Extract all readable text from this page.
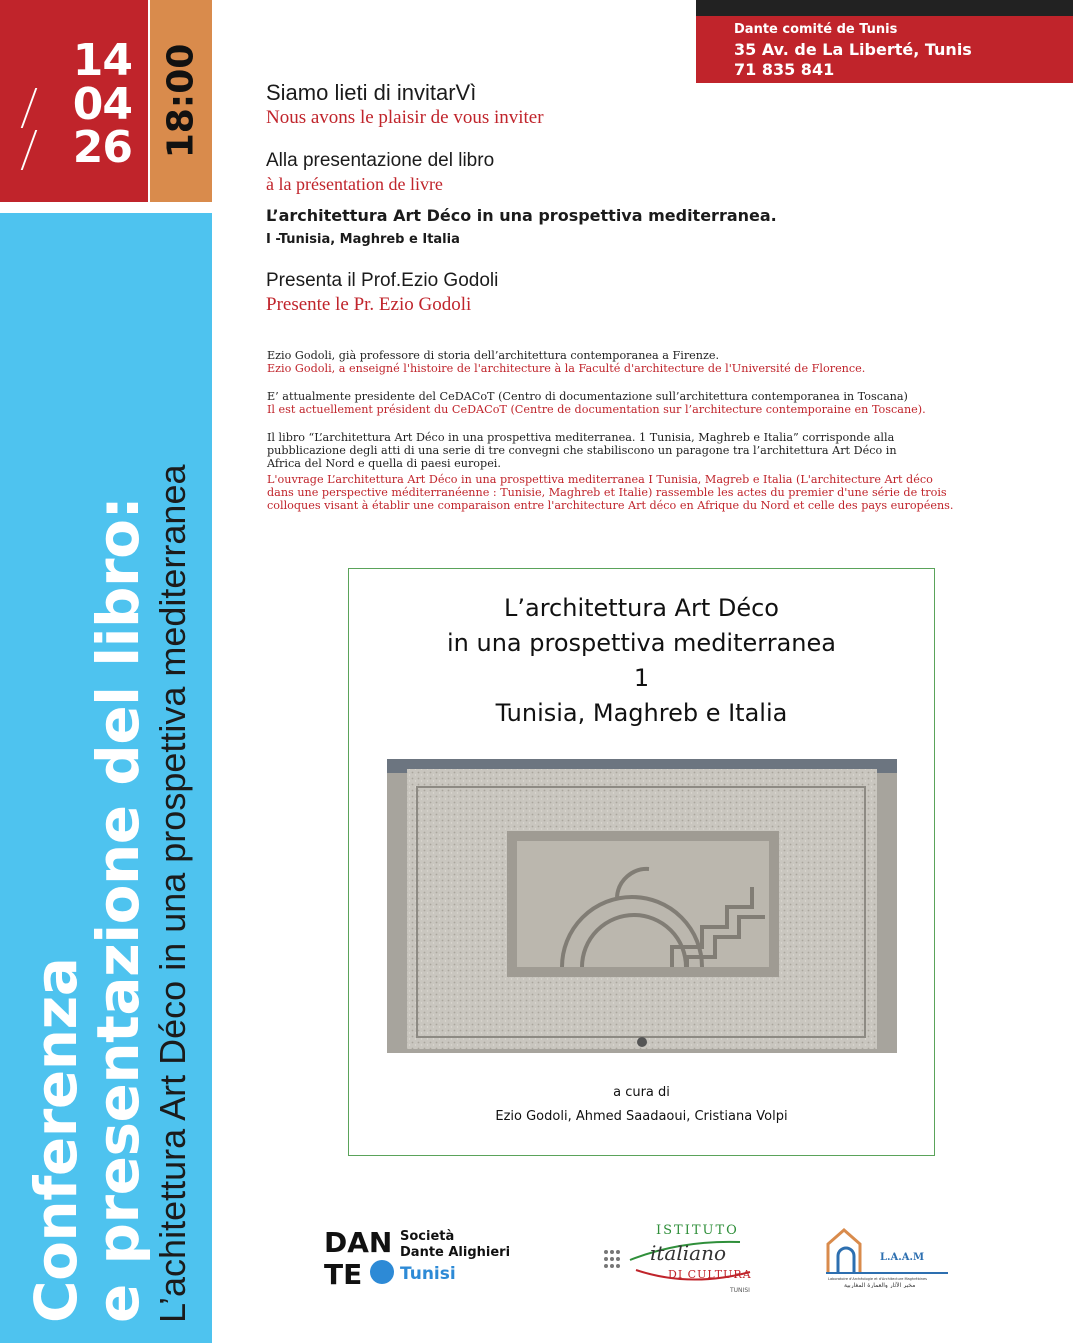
14
04
26 18:00
Conferenza
e presentazione del libro: L’achitettura Art Déco in una prospettiva mediterranea
Dante comité de Tunis
35 Av. de La Liberté, Tunis
71 835 841
Siamo lieti di invitarVì
Nous avons le plaisir de vous inviter
Alla presentazione del libro
à la présentation de livre
L’architettura Art Déco in una prospettiva mediterranea.
I -Tunisia, Maghreb e Italia
Presenta il Prof.Ezio Godoli
Presente le Pr. Ezio Godoli
Ezio Godoli, già professore di storia dell’architettura contemporanea a Firenze.
Ezio Godoli, a enseigné l'histoire de l'architecture à la Faculté d'architecture de l'Université de Florence.
E’ attualmente presidente del CeDACoT (Centro di documentazione sull’architettura contemporanea in Toscana)
Il est actuellement président du CeDACoT (Centre de documentation sur l’architecture contemporaine en Toscane).
Il libro “L’architettura Art Déco in una prospettiva mediterranea. 1 Tunisia, Maghreb e Italia” corrisponde alla
pubblicazione degli atti di una serie di tre convegni che stabiliscono un paragone tra l’architettura Art Déco in
Africa del Nord e quella di paesi europei.
L'ouvrage L’architettura Art Déco in una prospettiva mediterranea I Tunisia, Magreb e Italia (L'architecture Art déco
dans une perspective méditerranéenne : Tunisie, Maghreb et Italie) rassemble les actes du premier d'une série de trois
colloques visant à établir une comparaison entre l'architecture Art déco en Afrique du Nord et celle des pays européens.
L’architettura Art Déco
in una prospettiva mediterranea
1
Tunisia, Maghreb e Italia
a cura di
Ezio Godoli, Ahmed Saadaoui, Cristiana Volpi
DAN
TE
Società
Dante Alighieri
Tunisi
ISTITUTO
italiano
DI CULTURA
TUNISI
L.A.A.M
Laboratoire d'Archéologie et d'Architecture Maghrébines
مخبر الآثار والعمارة المغاربية
